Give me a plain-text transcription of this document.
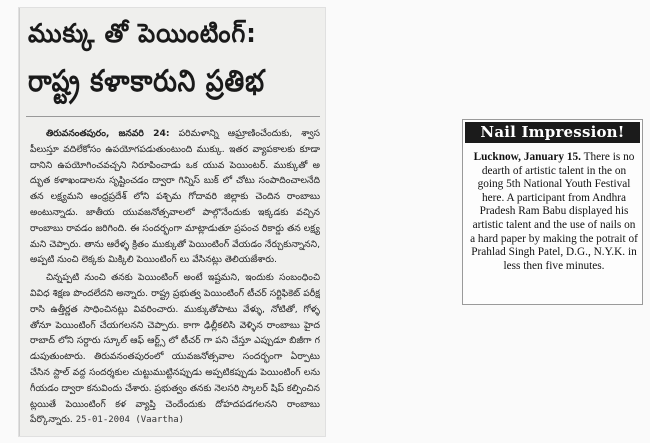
ముక్కు తో పెయింటింగ్:
రాష్ట్ర కళాకారుని ప్రతిభ

తిరువనంతపురం, జనవరి 24: పరిమళాన్ని ఆఘ్రాణించేందుకు, శ్వాస పీలుస్తూ వదిలేకోసం ఉపయోగపడుతుంటుంది ముక్కు. ఇతర వ్యాపకాలకు కూడా దానిని ఉపయోగించవచ్చని నిరూపించాడు ఒక యువ పెయింటర్. ముక్కుతో అద్భుత కళాఖండాలను సృష్టించడం ద్వారా గిన్నిస్ బుక్ లో చోటు సంపాదించాలనేది తన లక్ష్యమని ఆంధ్రప్రదేశ్ లోని పశ్చిమ గోదావరి జిల్లాకు చెందిన రాంబాబు అంటున్నాడు. జాతీయ యువజనోత్సవాలలో పాల్గొనేందుకు ఇక్కడకు వచ్చిన రాంబాబు రావడం జరిగింది. ఈ సందర్భంగా మాట్లాడుతూ ప్రపంచ రికార్డు తన లక్ష్యమని చెప్పారు. తాను ఆరేళ్ళ క్రితం ముక్కుతో పెయింటింగ్ వేయడం నేర్చుకున్నానని, అప్పటి నుంచి లెక్కకు మిక్కిలి పెయింటింగ్ లు వేసినట్లు తెలియజేశారు.

చిన్నప్పటి నుంచి తనకు పెయింటింగ్ అంటే ఇష్టమని, ఇందుకు సంబంధించి వివిధ శిక్షణ పొందలేదని అన్నారు. రాష్ట్ర ప్రభుత్వ పెయింటింగ్ టీచర్ సర్టిఫికెట్ పరీక్ష రాసి ఉత్తీర్ణత సాధించినట్లు వివరించారు. ముక్కుతోపాటు వేళ్ళు, నోటితో, గోళ్ళతోనూ పెయింటింగ్ చేయగలనని చెప్పారు. కాగా ఢిల్లీకలిసి వెళ్ళిన రాంబాబు హైదరాబాద్ లోని సర్దారు స్కూల్ ఆఫ్ ఆర్ట్స్ లో టీచర్ గా పని చేస్తూ ఎప్పుడూ బిజీగా గడుపుతుంటారు. తిరువనంతపురంలో యువజనోత్సవాల సందర్భంగా ఏర్పాటు చేసిన స్టాల్ వద్ద సందర్శకుల చుట్టుముట్టినప్పుడు అప్పటికప్పుడు పెయింటింగ్ లను గీయడం ద్వారా కనువిందు చేశారు. ప్రభుత్వం తనకు నెలసరి స్కాలర్ షిప్ కల్పించినట్లయితే పెయింటింగ్ కళ వ్యాప్తి చెందేందుకు దోహదపడగలనని రాంబాబు పేర్కొన్నారు. 25-01-2004 (Vaartha)

Nail Impression!
Lucknow, January 15. There is no dearth of artistic talent in the on going 5th National Youth Festival here. A participant from Andhra Pradesh Ram Babu displayed his artistic talent and the use of nails on a hard paper by making the potrait of Prahlad Singh Patel, D.G., N.Y.K. in less then five minutes.
